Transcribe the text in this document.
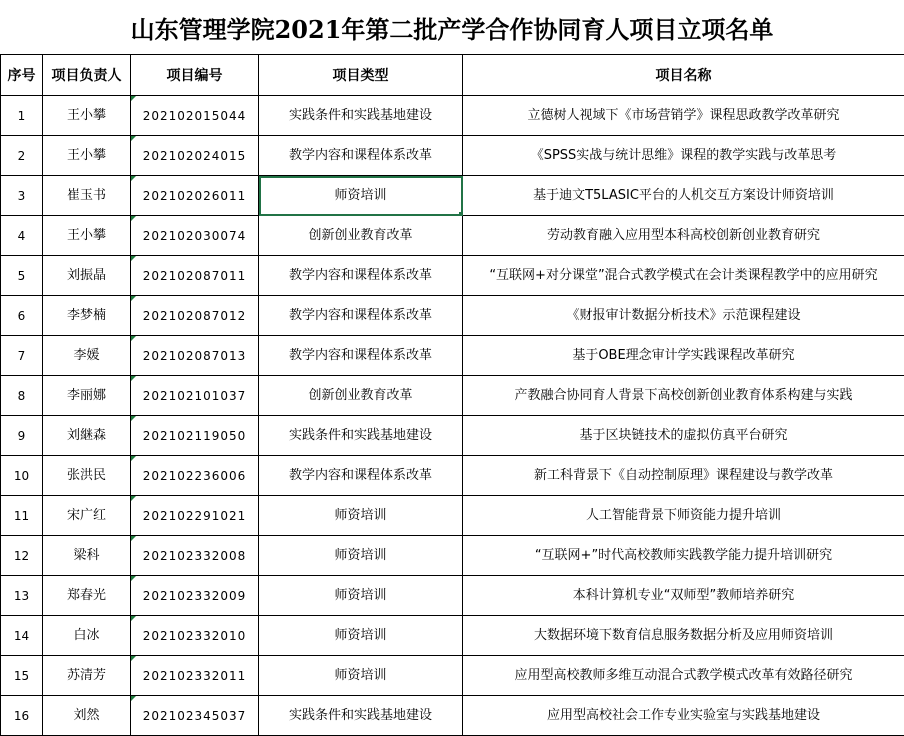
山东管理学院2021年第二批产学合作协同育人项目立项名单
序号	项目负责人	项目编号	项目类型	项目名称
1	王小攀	202102015044	实践条件和实践基地建设	立德树人视域下《市场营销学》课程思政教学改革研究
2	王小攀	202102024015	教学内容和课程体系改革	《SPSS实战与统计思维》课程的教学实践与改革思考
3	崔玉书	202102026011	师资培训	基于迪文T5LASIC平台的人机交互方案设计师资培训
4	王小攀	202102030074	创新创业教育改革	劳动教育融入应用型本科高校创新创业教育研究
5	刘振晶	202102087011	教学内容和课程体系改革	“互联网+对分课堂”混合式教学模式在会计类课程教学中的应用研究
6	李梦楠	202102087012	教学内容和课程体系改革	《财报审计数据分析技术》示范课程建设
7	李媛	202102087013	教学内容和课程体系改革	基于OBE理念审计学实践课程改革研究
8	李丽娜	202102101037	创新创业教育改革	产教融合协同育人背景下高校创新创业教育体系构建与实践
9	刘継森	202102119050	实践条件和实践基地建设	基于区块链技术的虚拟仿真平台研究
10	张洪民	202102236006	教学内容和课程体系改革	新工科背景下《自动控制原理》课程建设与教学改革
11	宋广红	202102291021	师资培训	人工智能背景下师资能力提升培训
12	梁科	202102332008	师资培训	“互联网+”时代高校教师实践教学能力提升培训研究
13	郑春光	202102332009	师资培训	本科计算机专业“双师型”教师培养研究
14	白冰	202102332010	师资培训	大数据环境下数育信息服务数据分析及应用师资培训
15	苏清芳	202102332011	师资培训	应用型高校教师多维互动混合式教学模式改革有效路径研究
16	刘然	202102345037	实践条件和实践基地建设	应用型高校社会工作专业实验室与实践基地建设
